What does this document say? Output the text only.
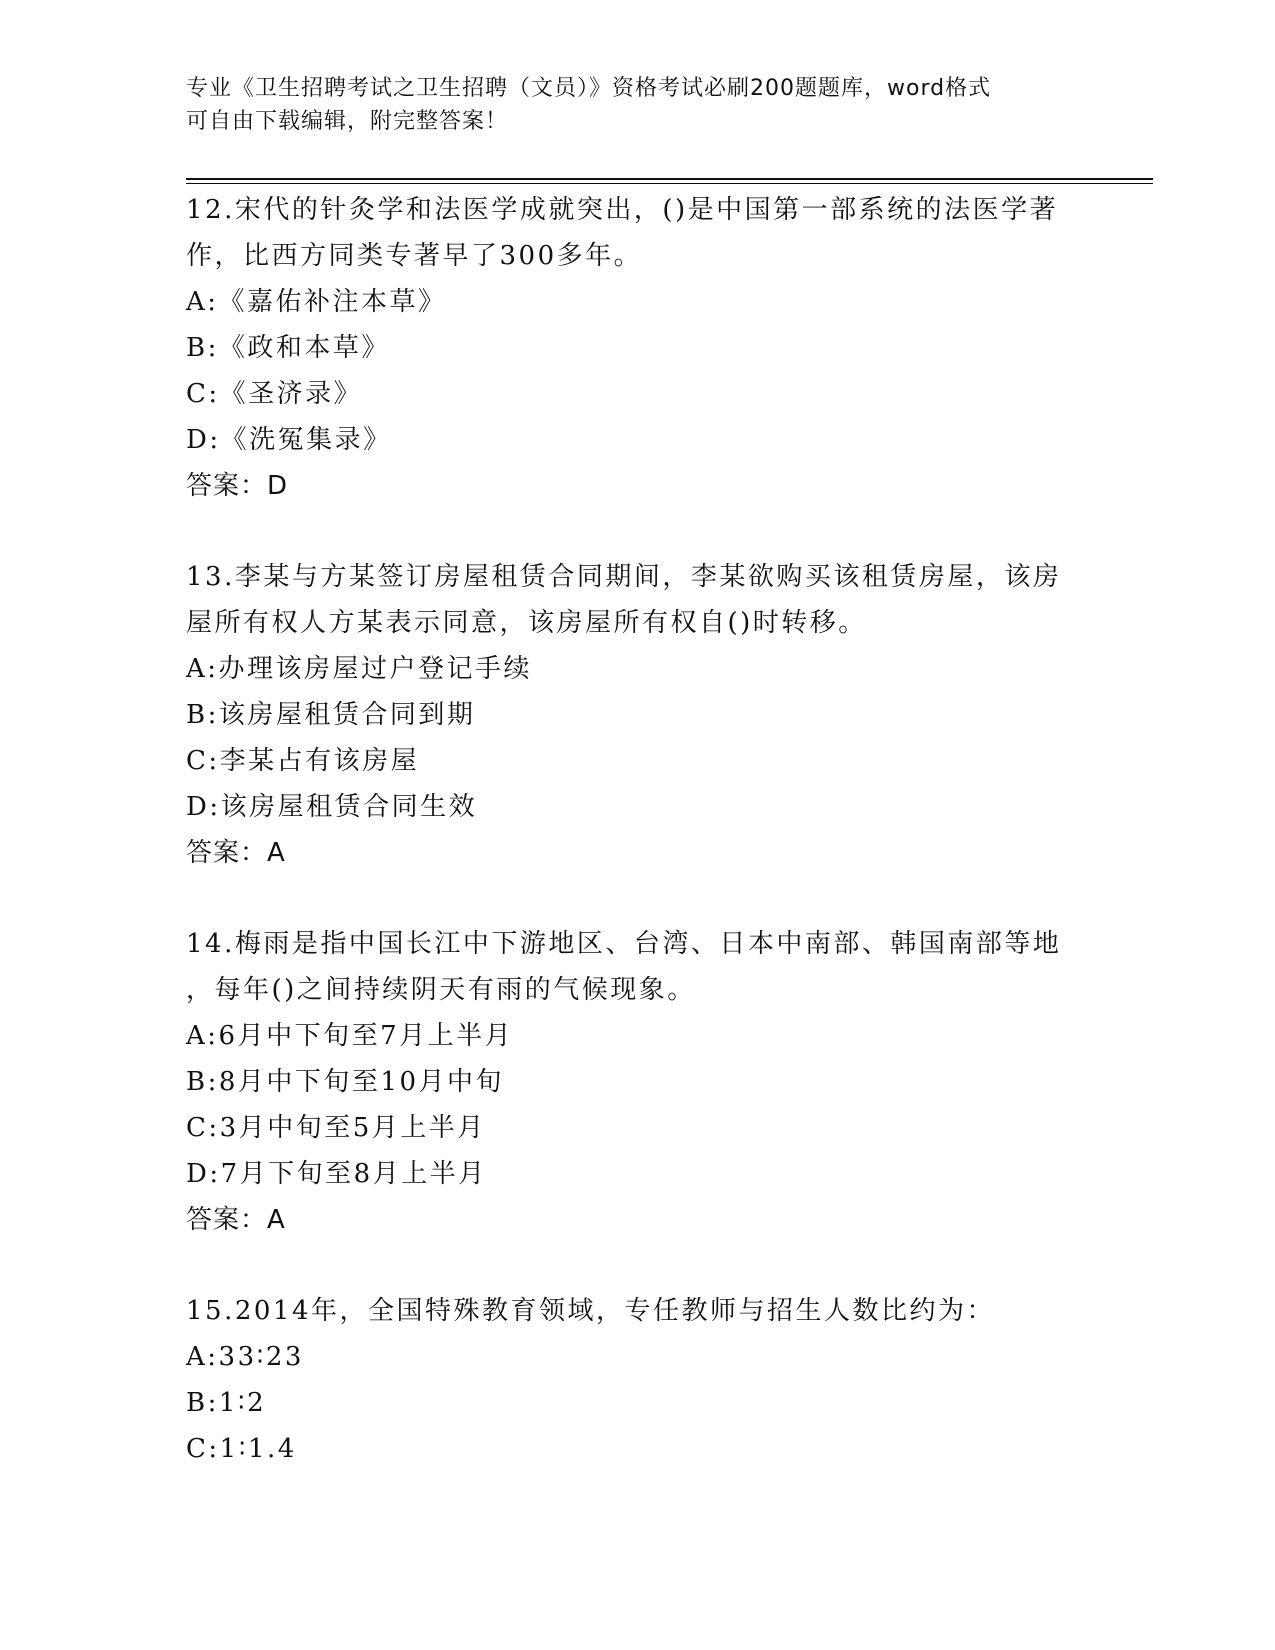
专业《卫生招聘考试之卫生招聘（文员）》资格考试必刷200题题库，word格式
可自由下载编辑，附完整答案！
12.宋代的针灸学和法医学成就突出，()是中国第一部系统的法医学著
作，比西方同类专著早了300多年。
A:《嘉佑补注本草》
B:《政和本草》
C:《圣济录》
D:《洗冤集录》
答案：D
13.李某与方某签订房屋租赁合同期间，李某欲购买该租赁房屋，该房
屋所有权人方某表示同意，该房屋所有权自()时转移。
A:办理该房屋过户登记手续
B:该房屋租赁合同到期
C:李某占有该房屋
D:该房屋租赁合同生效
答案：A
14.梅雨是指中国长江中下游地区、台湾、日本中南部、韩国南部等地
，每年()之间持续阴天有雨的气候现象。
A:6月中下旬至7月上半月
B:8月中下旬至10月中旬
C:3月中旬至5月上半月
D:7月下旬至8月上半月
答案：A
15.2014年，全国特殊教育领域，专任教师与招生人数比约为：
A:33∶23
B:1∶2
C:1∶1.4
